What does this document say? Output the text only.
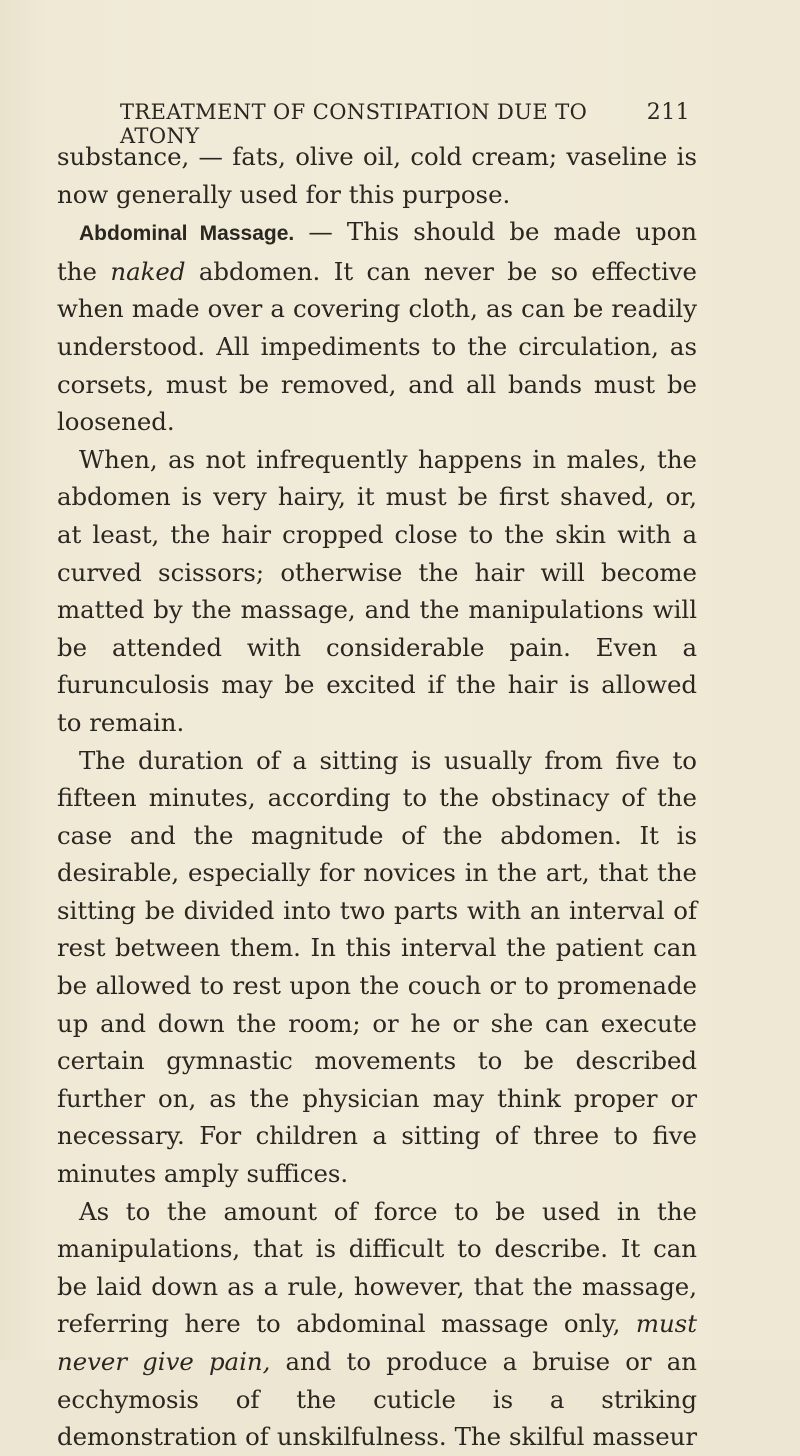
TREATMENT OF CONSTIPATION DUE TO ATONY
211

substance, — fats, olive oil, cold cream; vaseline is now generally used for this purpose.

Abdominal Massage. — This should be made upon the naked abdomen. It can never be so effective when made over a covering cloth, as can be readily understood. All impediments to the circulation, as corsets, must be removed, and all bands must be loosened.

When, as not infrequently happens in males, the abdomen is very hairy, it must be first shaved, or, at least, the hair cropped close to the skin with a curved scissors; otherwise the hair will become matted by the massage, and the manipulations will be attended with considerable pain. Even a furunculosis may be excited if the hair is allowed to remain.

The duration of a sitting is usually from five to fifteen minutes, according to the obstinacy of the case and the magnitude of the abdomen. It is desirable, especially for novices in the art, that the sitting be divided into two parts with an interval of rest between them. In this interval the patient can be allowed to rest upon the couch or to promenade up and down the room; or he or she can execute certain gymnastic movements to be described further on, as the physician may think proper or necessary. For children a sitting of three to five minutes amply suffices.

As to the amount of force to be used in the manipulations, that is difficult to describe. It can be laid down as a rule, however, that the massage, referring here to abdominal massage only, must never give pain, and to produce a bruise or an ecchymosis of the cuticle is a striking demonstration of unskilfulness. The skilful masseur
